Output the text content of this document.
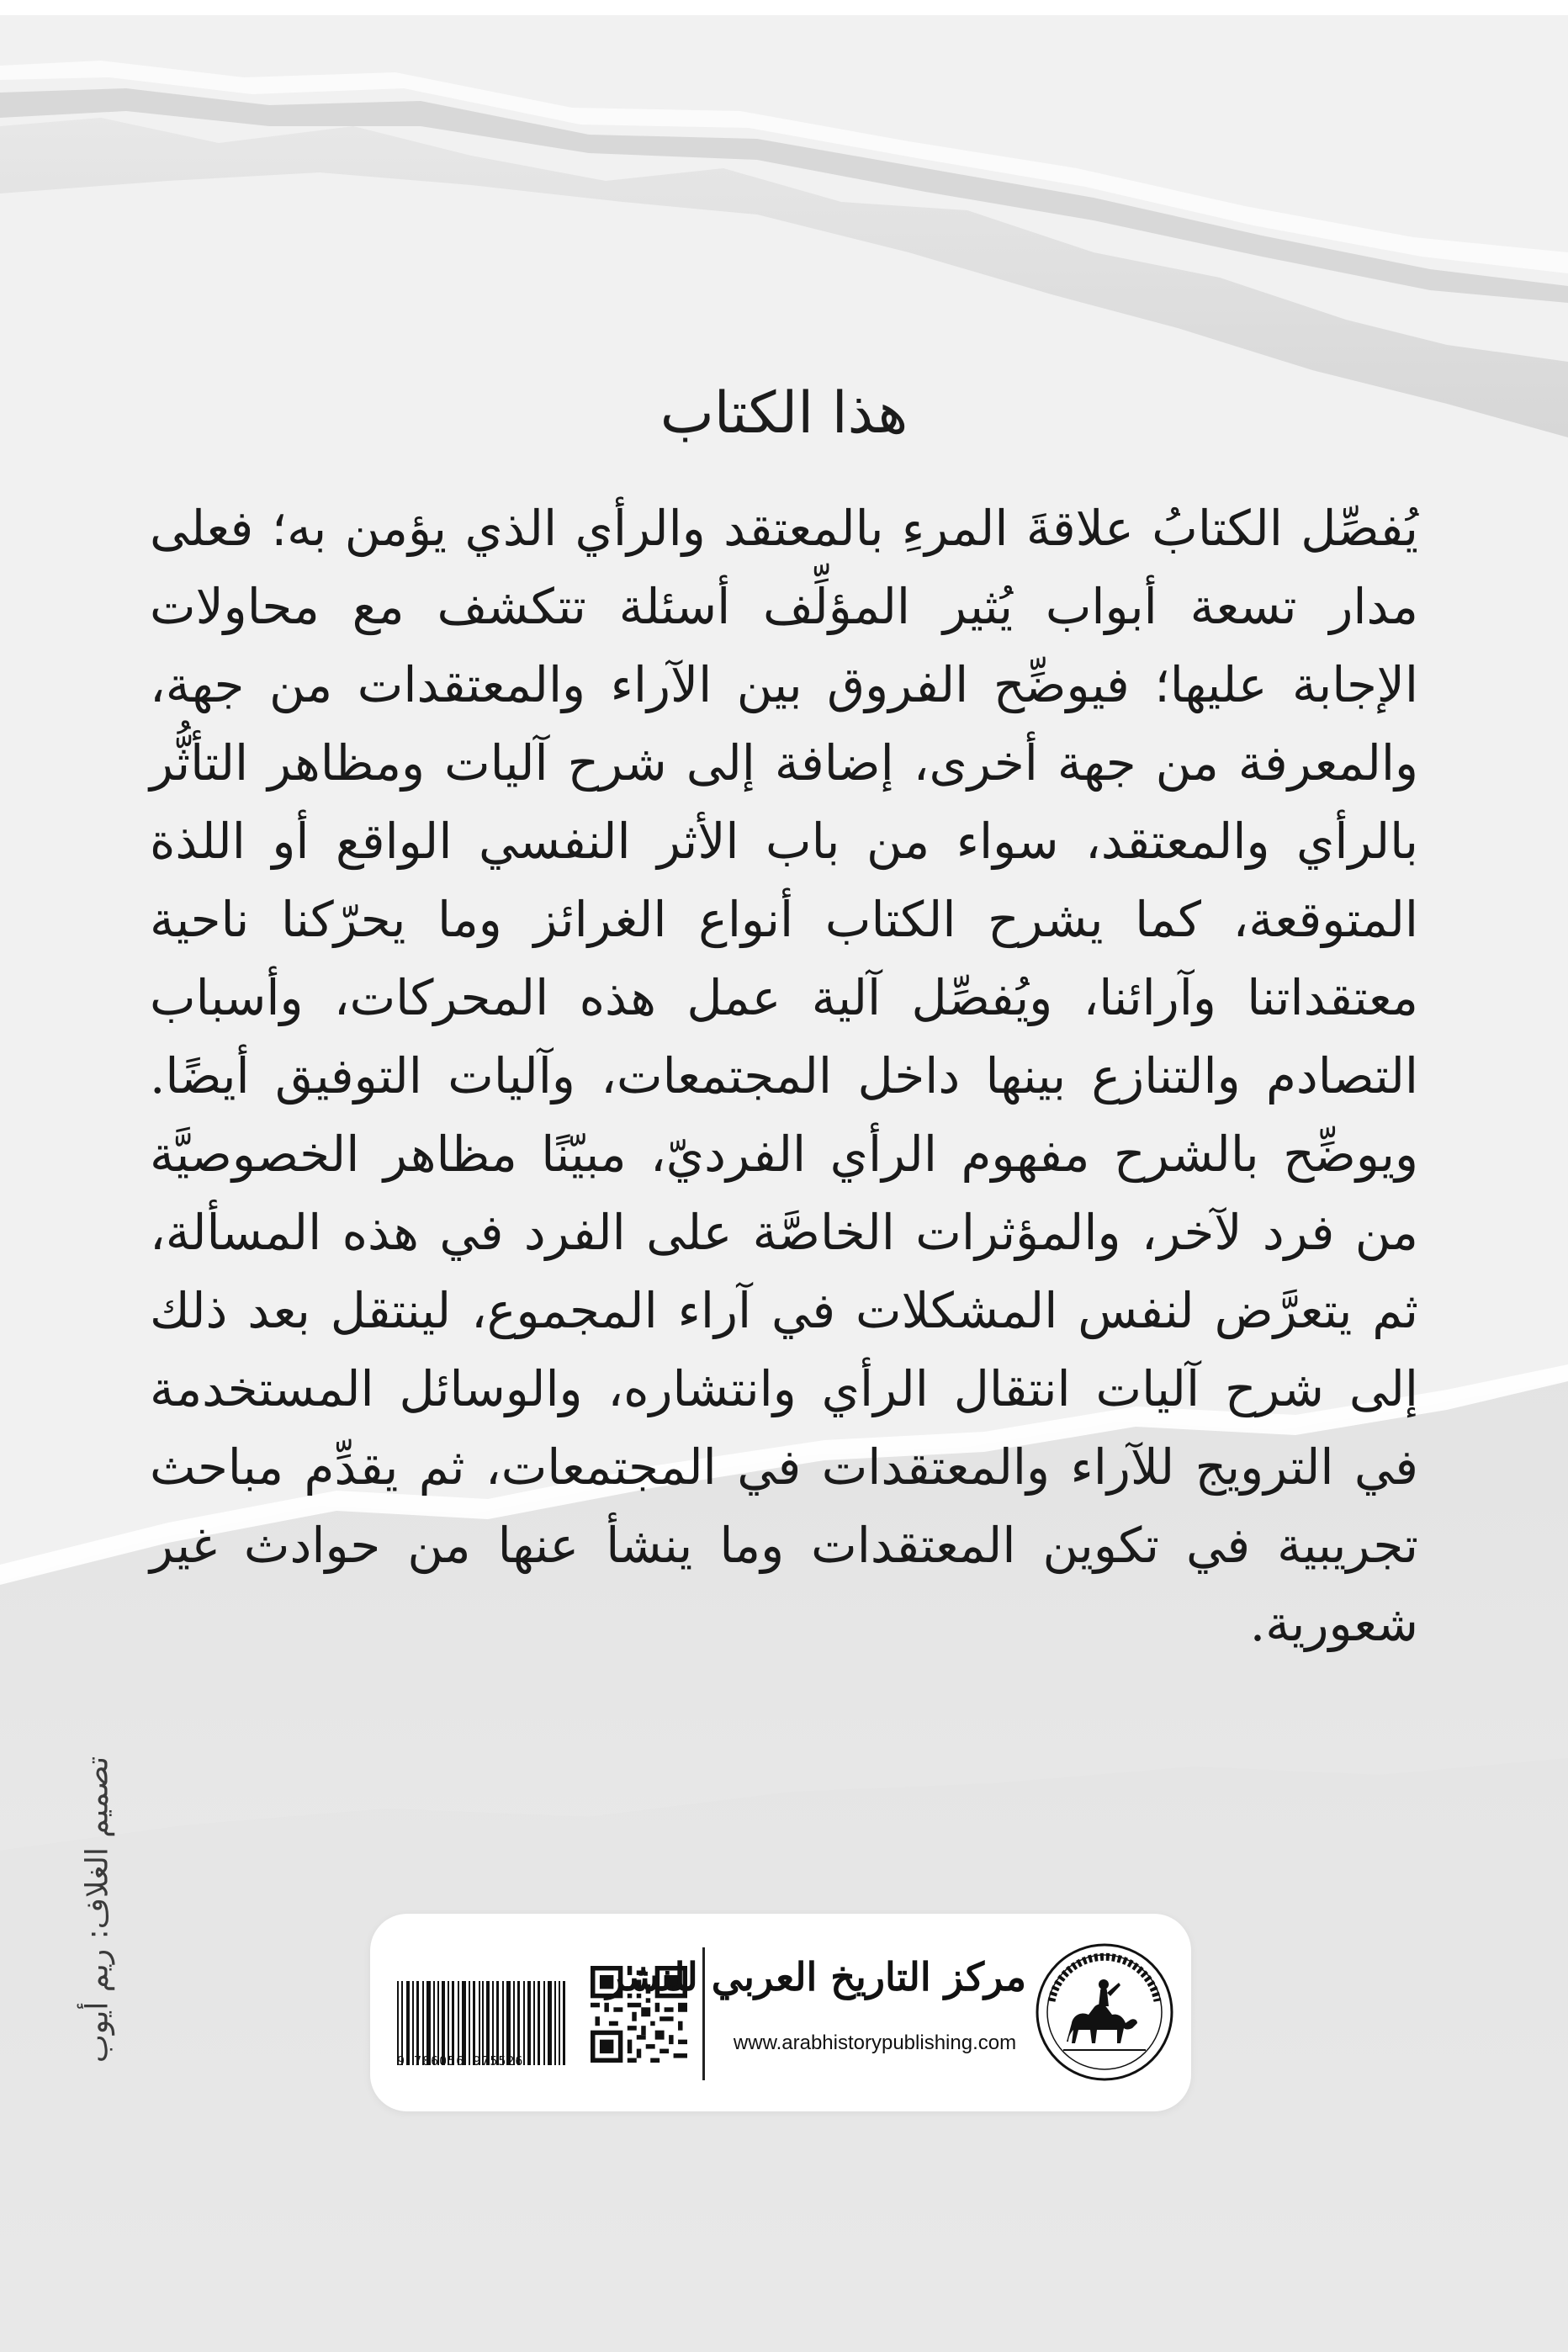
هذا الكتاب
يُفصِّل الكتابُ علاقةَ المرءِ بالمعتقد والرأي الذي يؤمن به؛ فعلى مدار تسعة أبواب يُثير المؤلِّف أسئلة تتكشف مع محاولات الإجابة عليها؛ فيوضِّح الفروق بين الآراء والمعتقدات من جهة، والمعرفة من جهة أخرى، إضافة إلى شرح آليات ومظاهر التأثُّر بالرأي والمعتقد، سواء من باب الأثر النفسي الواقع أو اللذة المتوقعة، كما يشرح الكتاب أنواع الغرائز وما يحرّكنا ناحية معتقداتنا وآرائنا، ويُفصِّل آلية عمل هذه المحركات، وأسباب التصادم والتنازع بينها داخل المجتمعات، وآليات التوفيق أيضًا. ويوضِّح بالشرح مفهوم الرأي الفرديّ، مبيّنًا مظاهر الخصوصيَّة من فرد لآخر، والمؤثرات الخاصَّة على الفرد في هذه المسألة، ثم يتعرَّض لنفس المشكلات في آراء المجموع، لينتقل بعد ذلك إلى شرح آليات انتقال الرأي وانتشاره، والوسائل المستخدمة في الترويج للآراء والمعتقدات في المجتمعات، ثم يقدِّم مباحث تجريبية في تكوين المعتقدات وما ينشأ عنها من حوادث غير شعورية.
تصميم الغلاف: ريم أيوب	9 786056 975526
مركز التاريخ العربي للنشر
www.arabhistorypublishing.com
